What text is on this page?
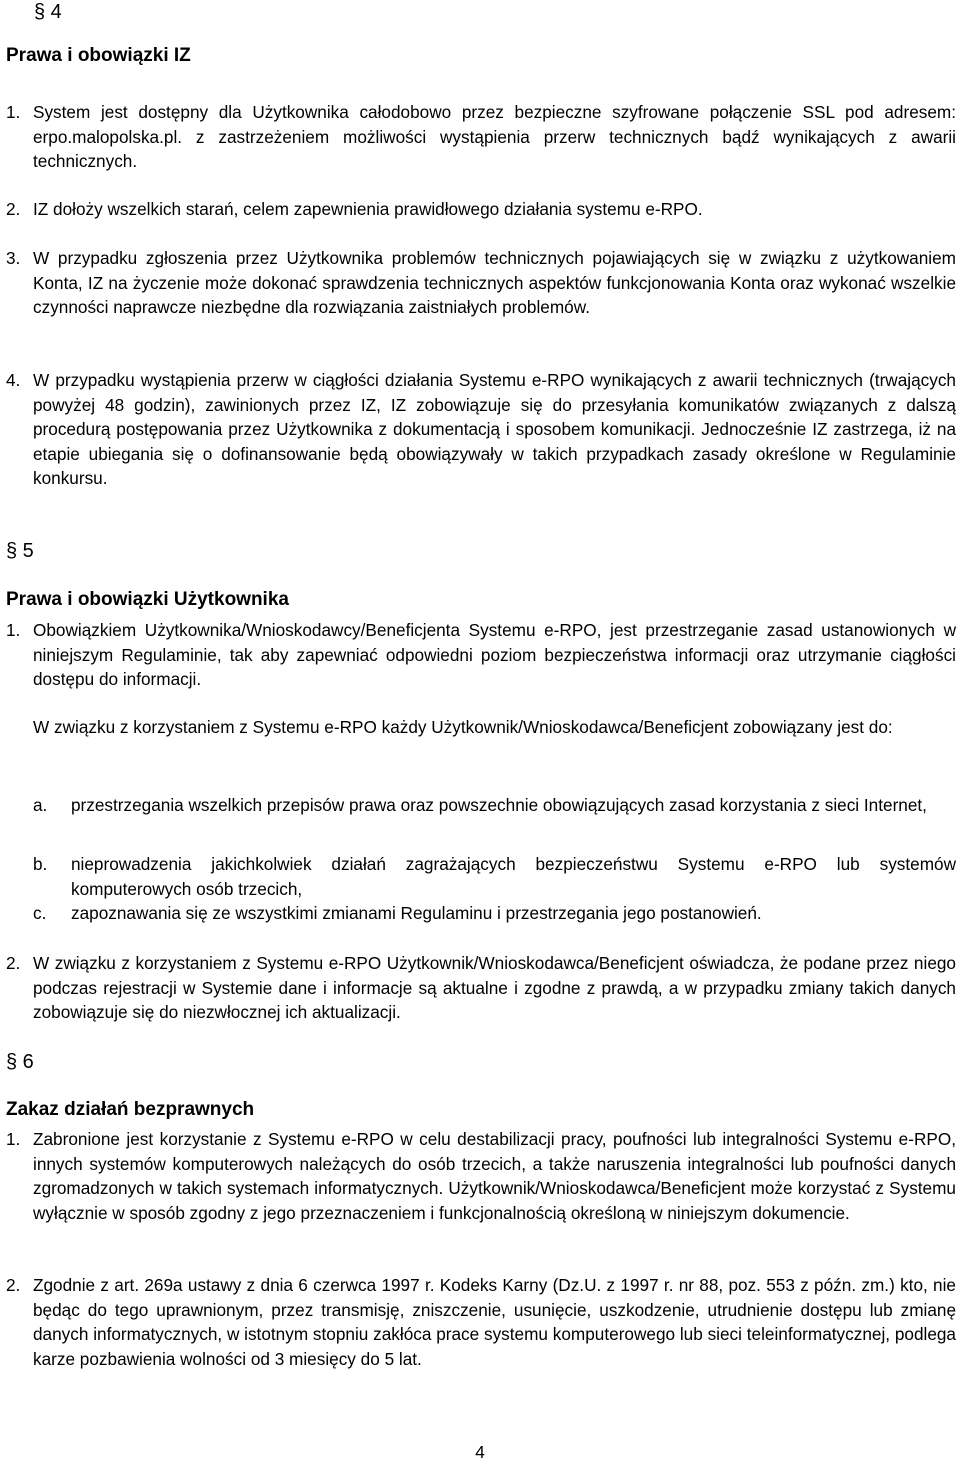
§ 4
Prawa i obowiązki IZ
1. System jest dostępny dla Użytkownika całodobowo przez bezpieczne szyfrowane połączenie SSL pod adresem: erpo.malopolska.pl. z zastrzeżeniem możliwości wystąpienia przerw technicznych bądź wynikających z awarii technicznych.
2. IZ dołoży wszelkich starań, celem zapewnienia prawidłowego działania systemu e-RPO.
3. W przypadku zgłoszenia przez Użytkownika problemów technicznych pojawiających się w związku z użytkowaniem Konta, IZ na życzenie może dokonać sprawdzenia technicznych aspektów funkcjonowania Konta oraz wykonać wszelkie czynności naprawcze niezbędne dla rozwiązania zaistniałych problemów.
4. W przypadku wystąpienia przerw w ciągłości działania Systemu e-RPO wynikających z awarii technicznych (trwających powyżej 48 godzin), zawinionych przez IZ, IZ zobowiązuje się do przesyłania komunikatów związanych z dalszą procedurą postępowania przez Użytkownika z dokumentacją i sposobem komunikacji. Jednocześnie IZ zastrzega, iż na etapie ubiegania się o dofinansowanie będą obowiązywały w takich przypadkach zasady określone w Regulaminie konkursu.
§ 5
Prawa i obowiązki Użytkownika
1. Obowiązkiem Użytkownika/Wnioskodawcy/Beneficjenta Systemu e-RPO, jest przestrzeganie zasad ustanowionych w niniejszym Regulaminie, tak aby zapewniać odpowiedni poziom bezpieczeństwa informacji oraz utrzymanie ciągłości dostępu do informacji.
W związku z korzystaniem z Systemu e-RPO każdy Użytkownik/Wnioskodawca/Beneficjent zobowiązany jest do:
a.	przestrzegania wszelkich przepisów prawa oraz powszechnie obowiązujących zasad korzystania z sieci Internet,
b.	nieprowadzenia jakichkolwiek działań zagrażających bezpieczeństwu Systemu e-RPO lub systemów komputerowych osób trzecich,
c.	zapoznawania się ze wszystkimi zmianami Regulaminu i przestrzegania jego postanowień.
2. W związku z korzystaniem z Systemu e-RPO Użytkownik/Wnioskodawca/Beneficjent oświadcza, że podane przez niego podczas rejestracji w Systemie dane i informacje są aktualne i zgodne z prawdą, a w przypadku zmiany takich danych zobowiązuje się do niezwłocznej ich aktualizacji.
§ 6
Zakaz działań bezprawnych
1. Zabronione jest korzystanie z Systemu e-RPO w celu destabilizacji pracy, poufności lub integralności Systemu e-RPO, innych systemów komputerowych należących do osób trzecich, a także naruszenia integralności lub poufności danych zgromadzonych w takich systemach informatycznych. Użytkownik/Wnioskodawca/Beneficjent może korzystać z Systemu wyłącznie w sposób zgodny z jego przeznaczeniem i funkcjonalnością określoną w niniejszym dokumencie.
2. Zgodnie z art. 269a ustawy z dnia 6 czerwca 1997 r. Kodeks Karny (Dz.U. z 1997 r. nr 88, poz. 553 z późn. zm.) kto, nie będąc do tego uprawnionym, przez transmisję, zniszczenie, usunięcie, uszkodzenie, utrudnienie dostępu lub zmianę danych informatycznych, w istotnym stopniu zakłóca prace systemu komputerowego lub sieci teleinformatycznej, podlega karze pozbawienia wolności od 3 miesięcy do 5 lat.
4
